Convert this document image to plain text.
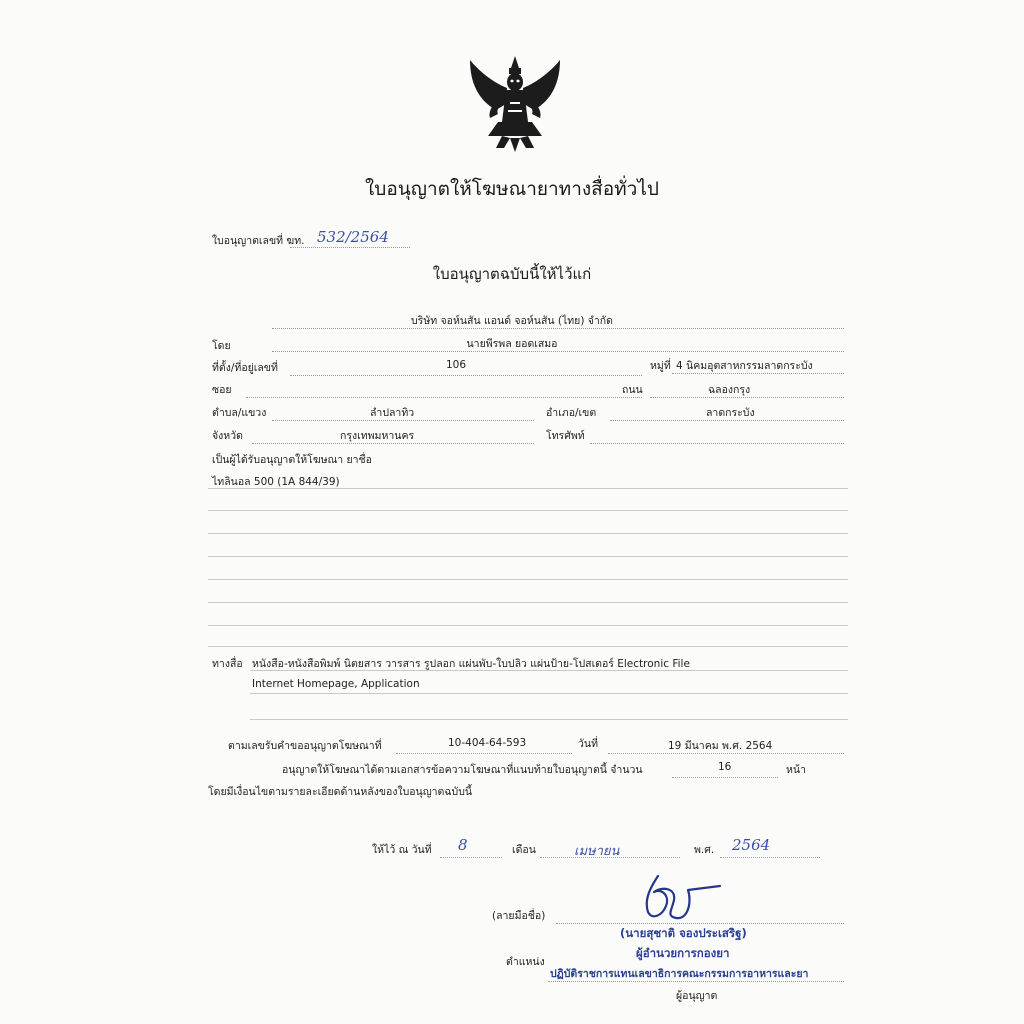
ใบอนุญาตให้โฆษณายาทางสื่อทั่วไป
ใบอนุญาตเลขที่ ฆท. 532/2564
ใบอนุญาตฉบับนี้ให้ไว้แก่
บริษัท จอห์นสัน แอนด์ จอห์นสัน (ไทย) จำกัด
โดย	นายพีรพล ยอดเสมอ
ที่ตั้ง/ที่อยู่เลขที่	106	หมู่ที่ 4 นิคมอุตสาหกรรมลาดกระบัง
ซอย	ถนน	ฉลองกรุง
ตำบล/แขวง	ลำปลาทิว	อำเภอ/เขต	ลาดกระบัง
จังหวัด	กรุงเทพมหานคร	โทรศัพท์
เป็นผู้ได้รับอนุญาตให้โฆษณา ยาชื่อ
ไทลินอล 500 (1A 844/39)
ทางสื่อ หนังสือ-หนังสือพิมพ์ นิตยสาร วารสาร รูปลอก แผ่นพับ-ใบปลิว แผ่นป้าย-โปสเตอร์ Electronic File
Internet Homepage, Application
ตามเลขรับคำขออนุญาตโฆษณาที่	10-404-64-593	วันที่	19 มีนาคม พ.ศ. 2564
อนุญาตให้โฆษณาได้ตามเอกสารข้อความโฆษณาที่แนบท้ายใบอนุญาตนี้ จำนวน	16	หน้า
โดยมีเงื่อนไขตามรายละเอียดด้านหลังของใบอนุญาตฉบับนี้
ให้ไว้ ณ วันที่ 8	เดือน	เมษายน	พ.ศ. 2564
(ลายมือชื่อ)
(นายสุชาติ จองประเสริฐ)
ผู้อำนวยการกองยา
ตำแหน่ง
ปฏิบัติราชการแทนเลขาธิการคณะกรรมการอาหารและยา
ผู้อนุญาต
